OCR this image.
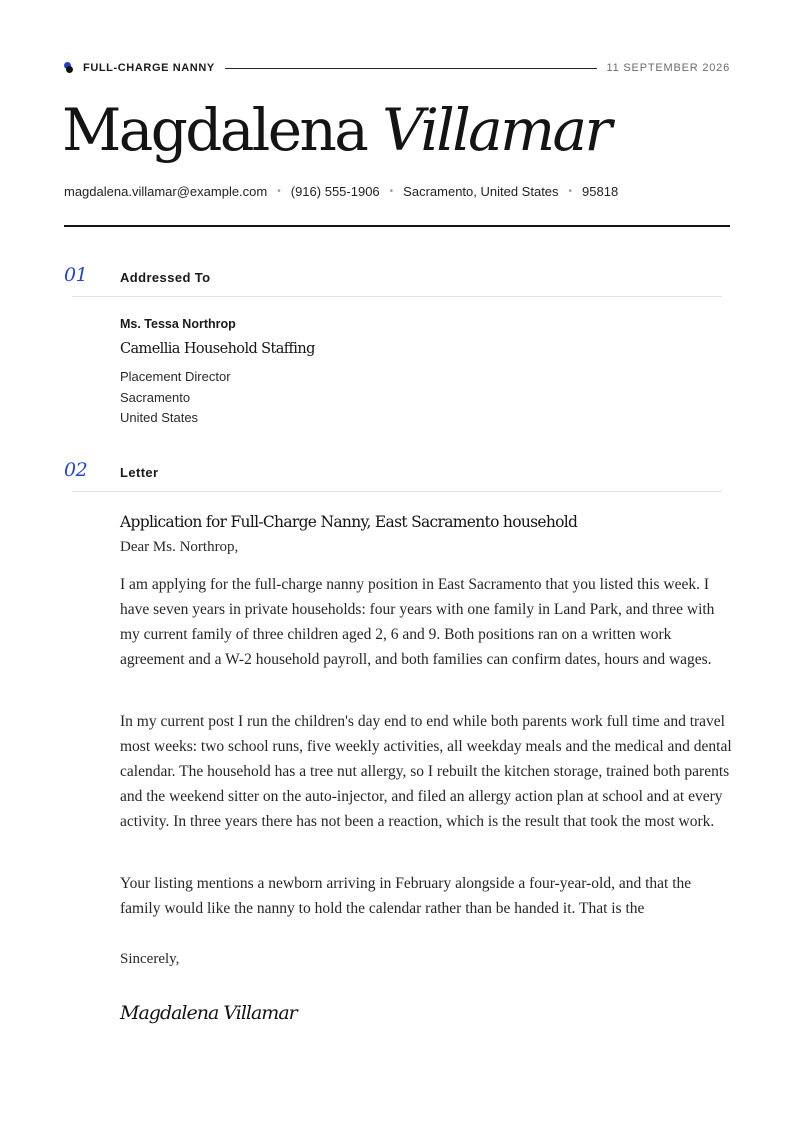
FULL-CHARGE NANNY	11 SEPTEMBER 2026
Magdalena Villamar
magdalena.villamar@example.com • (916) 555-1906 • Sacramento, United States • 95818
01	Addressed To
Ms. Tessa Northrop
Camellia Household Staffing
Placement Director
Sacramento
United States
02	Letter
Application for Full-Charge Nanny, East Sacramento household
Dear Ms. Northrop,

I am applying for the full-charge nanny position in East Sacramento that you listed this week. I have seven years in private households: four years with one family in Land Park, and three with my current family of three children aged 2, 6 and 9. Both positions ran on a written work agreement and a W-2 household payroll, and both families can confirm dates, hours and wages.

In my current post I run the children's day end to end while both parents work full time and travel most weeks: two school runs, five weekly activities, all weekday meals and the medical and dental calendar. The household has a tree nut allergy, so I rebuilt the kitchen storage, trained both parents and the weekend sitter on the auto-injector, and filed an allergy action plan at school and at every activity. In three years there has not been a reaction, which is the result that took the most work.

Your listing mentions a newborn arriving in February alongside a four-year-old, and that the family would like the nanny to hold the calendar rather than be handed it. That is the

Sincerely,
Magdalena Villamar
